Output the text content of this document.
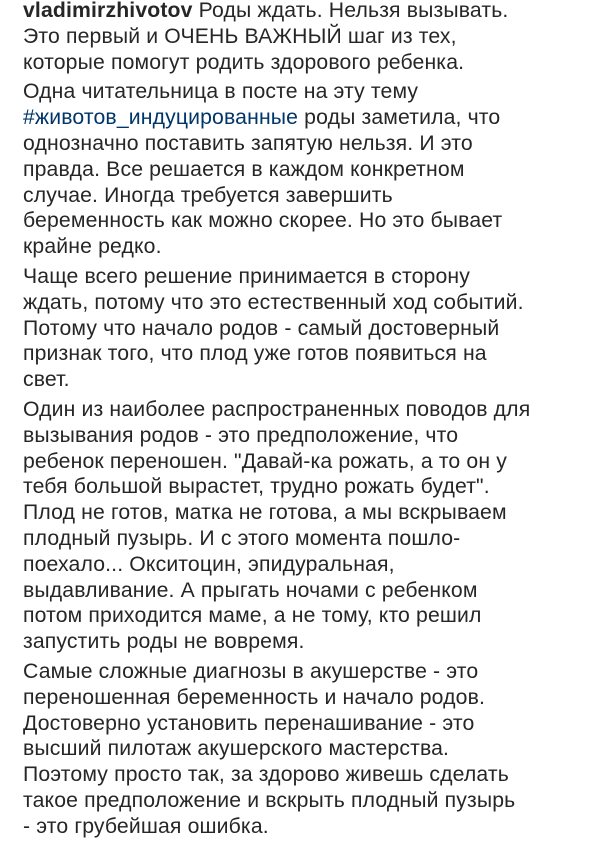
vladimirzhivotov Роды ждать. Нельзя вызывать.
Это первый и ОЧЕНЬ ВАЖНЫЙ шаг из тех,
которые помогут родить здорового ребенка.

Одна читательница в посте на эту тему
#животов_индуцированные роды заметила, что
однозначно поставить запятую нельзя. И это
правда. Все решается в каждом конкретном
случае. Иногда требуется завершить
беременность как можно скорее. Но это бывает
крайне редко.

Чаще всего решение принимается в сторону
ждать, потому что это естественный ход событий.
Потому что начало родов - самый достоверный
признак того, что плод уже готов появиться на
свет.

Один из наиболее распространенных поводов для
вызывания родов - это предположение, что
ребенок переношен. "Давай-ка рожать, а то он у
тебя большой вырастет, трудно рожать будет".
Плод не готов, матка не готова, а мы вскрываем
плодный пузырь. И с этого момента пошло-
поехало... Окситоцин, эпидуральная,
выдавливание. А прыгать ночами с ребенком
потом приходится маме, а не тому, кто решил
запустить роды не вовремя.

Самые сложные диагнозы в акушерстве - это
переношенная беременность и начало родов.
Достоверно установить перенашивание - это
высший пилотаж акушерского мастерства.
Поэтому просто так, за здорово живешь сделать
такое предположение и вскрыть плодный пузырь
- это грубейшая ошибка.
